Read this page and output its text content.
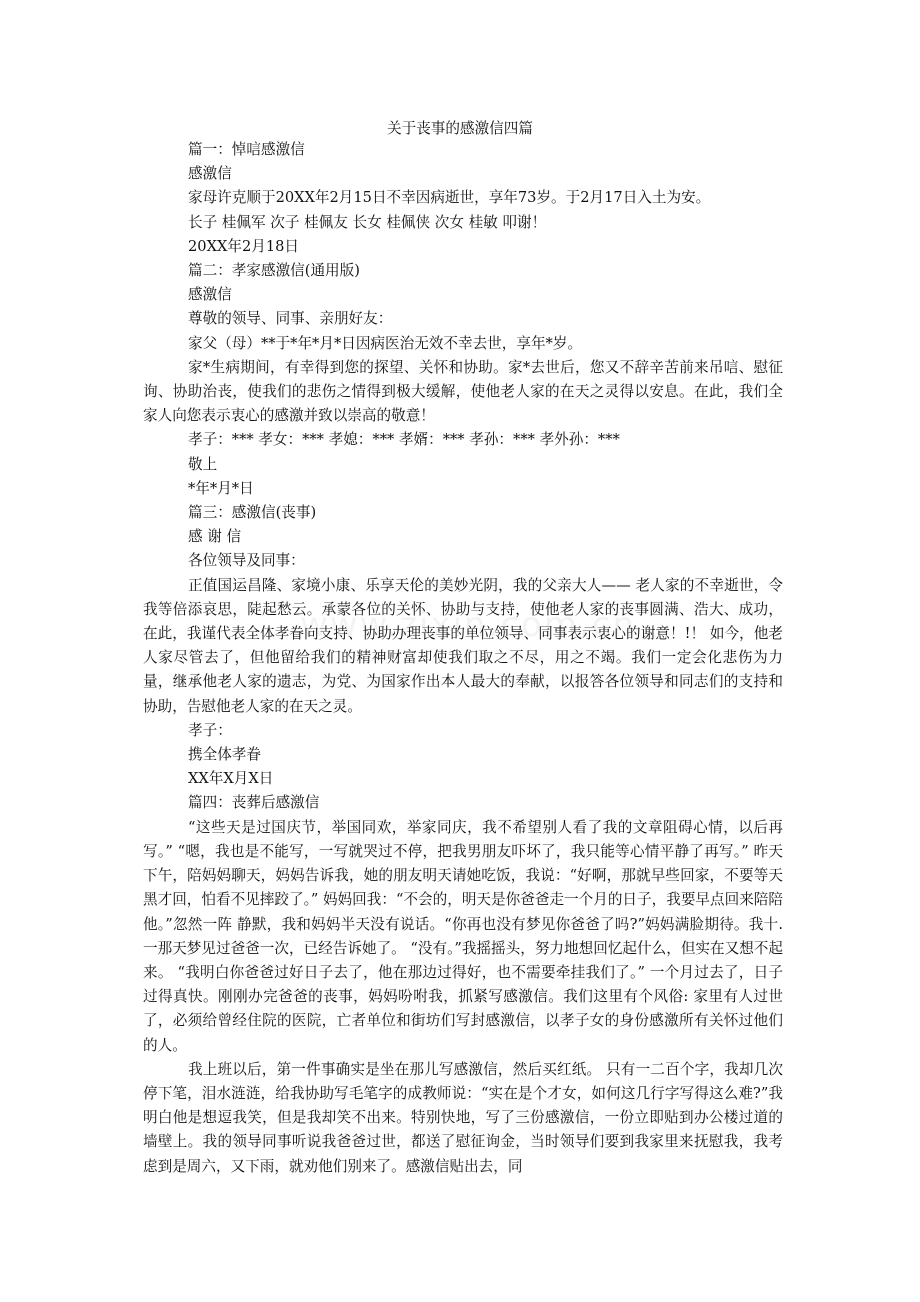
关于丧事的感激信四篇

篇一：悼唁感激信

感激信

家母许克顺于20XX年2月15日不幸因病逝世，享年73岁。于2月17日入土为安。

长子 桂佩军 次子 桂佩友 长女 桂佩侠 次女 桂敏 叩谢！

20XX年2月18日

篇二：孝家感激信(通用版)

感激信

尊敬的领导、同事、亲朋好友：

家父（母）**于*年*月*日因病医治无效不幸去世，享年*岁。

家*生病期间，有幸得到您的探望、关怀和协助。家*去世后，您又不辞辛苦前来吊唁、慰征询、协助治丧，使我们的悲伤之情得到极大缓解，使他老人家的在天之灵得以安息。在此，我们全家人向您表示衷心的感激并致以崇高的敬意！

孝子：*** 孝女：*** 孝媳：*** 孝婿：*** 孝孙：*** 孝外孙：***

敬上

*年*月*日

篇三：感激信(丧事)

感 谢 信

各位领导及同事：

正值国运昌隆、家境小康、乐享天伦的美妙光阴，我的父亲大人—— 老人家的不幸逝世，令我等倍添哀思，陡起愁云。承蒙各位的关怀、协助与支持，使他老人家的丧事圆满、浩大、成功，在此，我谨代表全体孝眷向支持、协助办理丧事的单位领导、同事表示衷心的谢意！!！ 如今，他老人家尽管去了，但他留给我们的精神财富却使我们取之不尽，用之不竭。我们一定会化悲伤为力量，继承他老人家的遗志，为党、为国家作出本人最大的奉献，以报答各位领导和同志们的支持和协助，告慰他老人家的在天之灵。

孝子：

携全体孝眷

XX年X月X日

篇四：丧葬后感激信

“这些天是过国庆节，举国同欢，举家同庆，我不希望别人看了我的文章阻碍心情，以后再写。” “嗯，我也是不能写，一写就哭过不停，把我男朋友吓坏了，我只能等心情平静了再写。” 昨天下午，陪妈妈聊天，妈妈告诉我，她的朋友明天请她吃饭，我说：“好啊，那就早些回家，不要等天黑才回，怕看不见摔跤了。” 妈妈回我：“不会的，明天是你爸爸走一个月的日子，我要早点回来陪陪他。”忽然一阵 静默，我和妈妈半天没有说话。“你再也没有梦见你爸爸了吗?”妈妈满脸期待。我十.一那天梦见过爸爸一次，已经告诉她了。 “没有。”我摇摇头，努力地想回忆起什么，但实在又想不起来。 “我明白你爸爸过好日子去了，他在那边过得好，也不需要牵挂我们了。” 一个月过去了，日子过得真快。刚刚办完爸爸的丧事，妈妈吩咐我，抓紧写感激信。我们这里有个风俗: 家里有人过世了，必须给曾经住院的医院，亡者单位和街坊们写封感激信，以孝子女的身份感激所有关怀过他们的人。

我上班以后，第一件事确实是坐在那儿写感激信，然后买红纸。 只有一二百个字，我却几次停下笔，泪水涟涟，给我协助写毛笔字的成教师说：“实在是个才女，如何这几行字写得这么难?”我明白他是想逗我笑，但是我却笑不出来。特别快地，写了三份感激信，一份立即贴到办公楼过道的墙壁上。我的领导同事听说我爸爸过世，都送了慰征询金，当时领导们要到我家里来抚慰我，我考虑到是周六，又下雨，就劝他们别来了。感激信贴出去，同
